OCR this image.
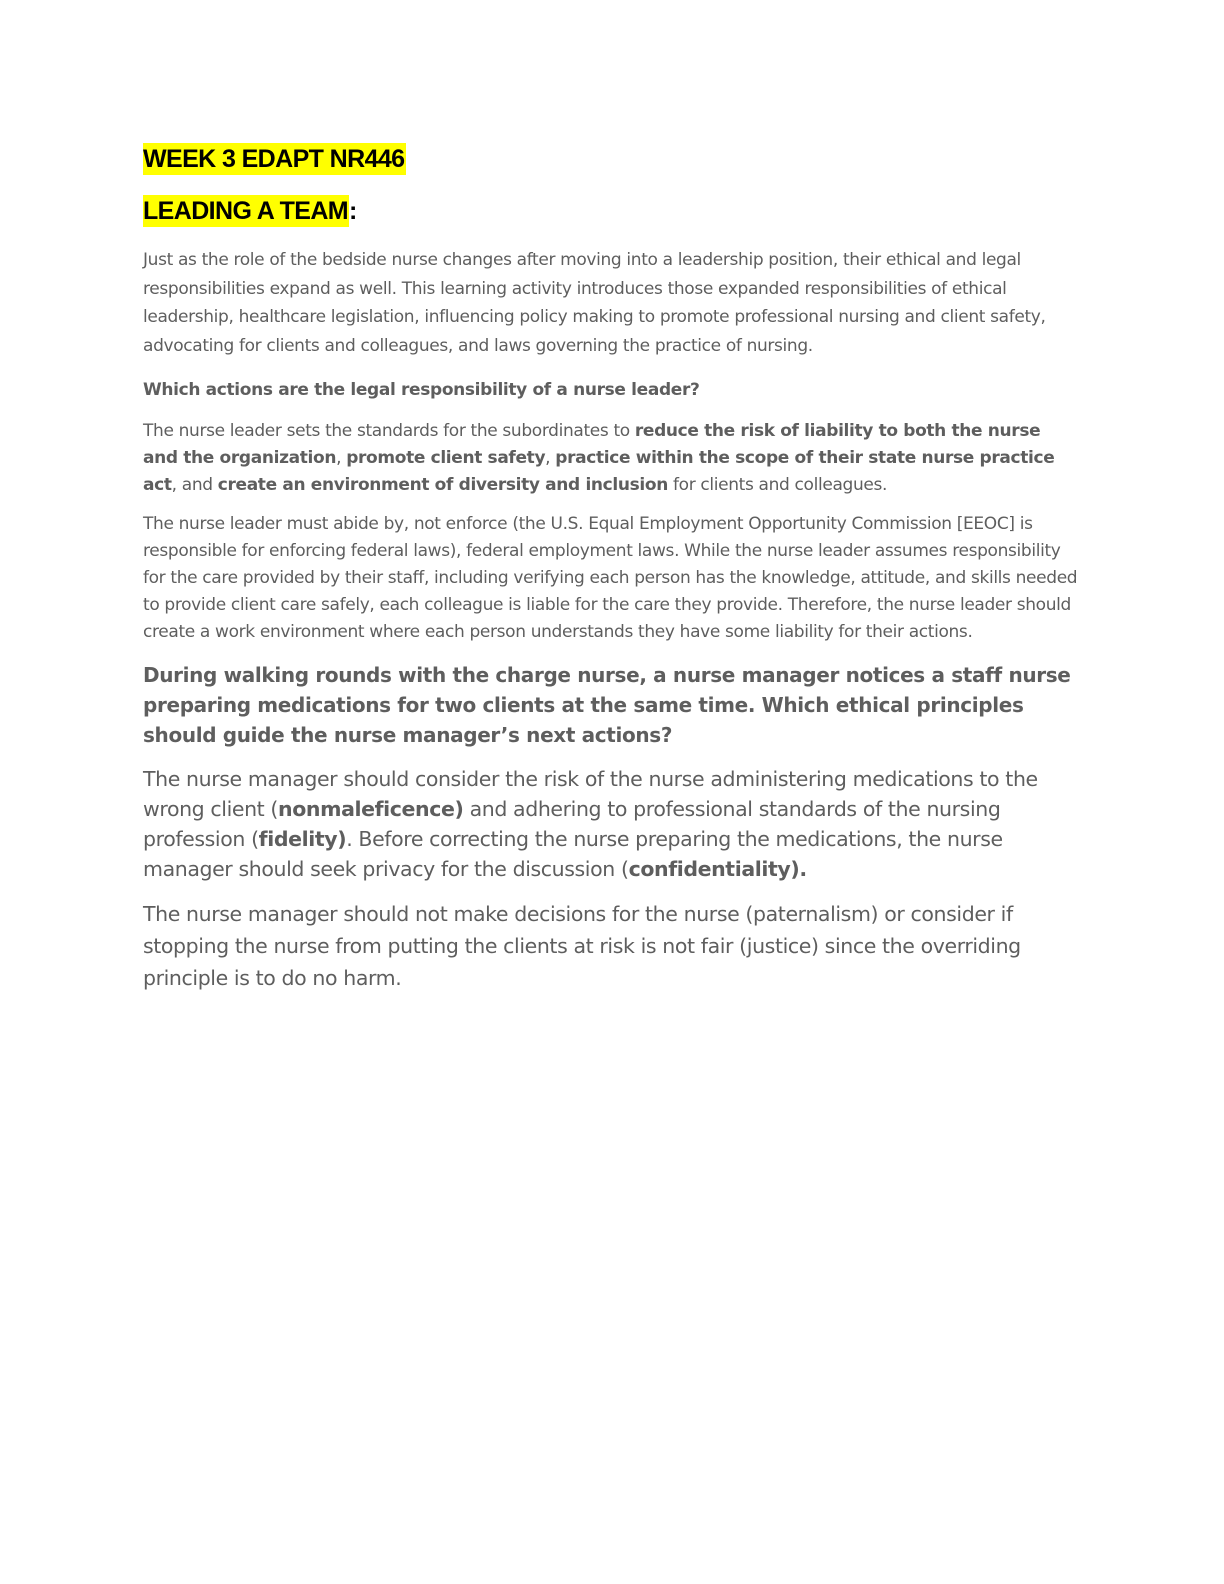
WEEK 3 EDAPT NR446
LEADING A TEAM:

Just as the role of the bedside nurse changes after moving into a leadership position, their ethical and legal responsibilities expand as well. This learning activity introduces those expanded responsibilities of ethical leadership, healthcare legislation, influencing policy making to promote professional nursing and client safety, advocating for clients and colleagues, and laws governing the practice of nursing.

Which actions are the legal responsibility of a nurse leader?

The nurse leader sets the standards for the subordinates to reduce the risk of liability to both the nurse and the organization, promote client safety, practice within the scope of their state nurse practice act, and create an environment of diversity and inclusion for clients and colleagues.

The nurse leader must abide by, not enforce (the U.S. Equal Employment Opportunity Commission [EEOC] is responsible for enforcing federal laws), federal employment laws. While the nurse leader assumes responsibility for the care provided by their staff, including verifying each person has the knowledge, attitude, and skills needed to provide client care safely, each colleague is liable for the care they provide. Therefore, the nurse leader should create a work environment where each person understands they have some liability for their actions.

During walking rounds with the charge nurse, a nurse manager notices a staff nurse preparing medications for two clients at the same time. Which ethical principles should guide the nurse manager’s next actions?

The nurse manager should consider the risk of the nurse administering medications to the wrong client (nonmaleficence) and adhering to professional standards of the nursing profession (fidelity). Before correcting the nurse preparing the medications, the nurse manager should seek privacy for the discussion (confidentiality).

The nurse manager should not make decisions for the nurse (paternalism) or consider if stopping the nurse from putting the clients at risk is not fair (justice) since the overriding principle is to do no harm.
